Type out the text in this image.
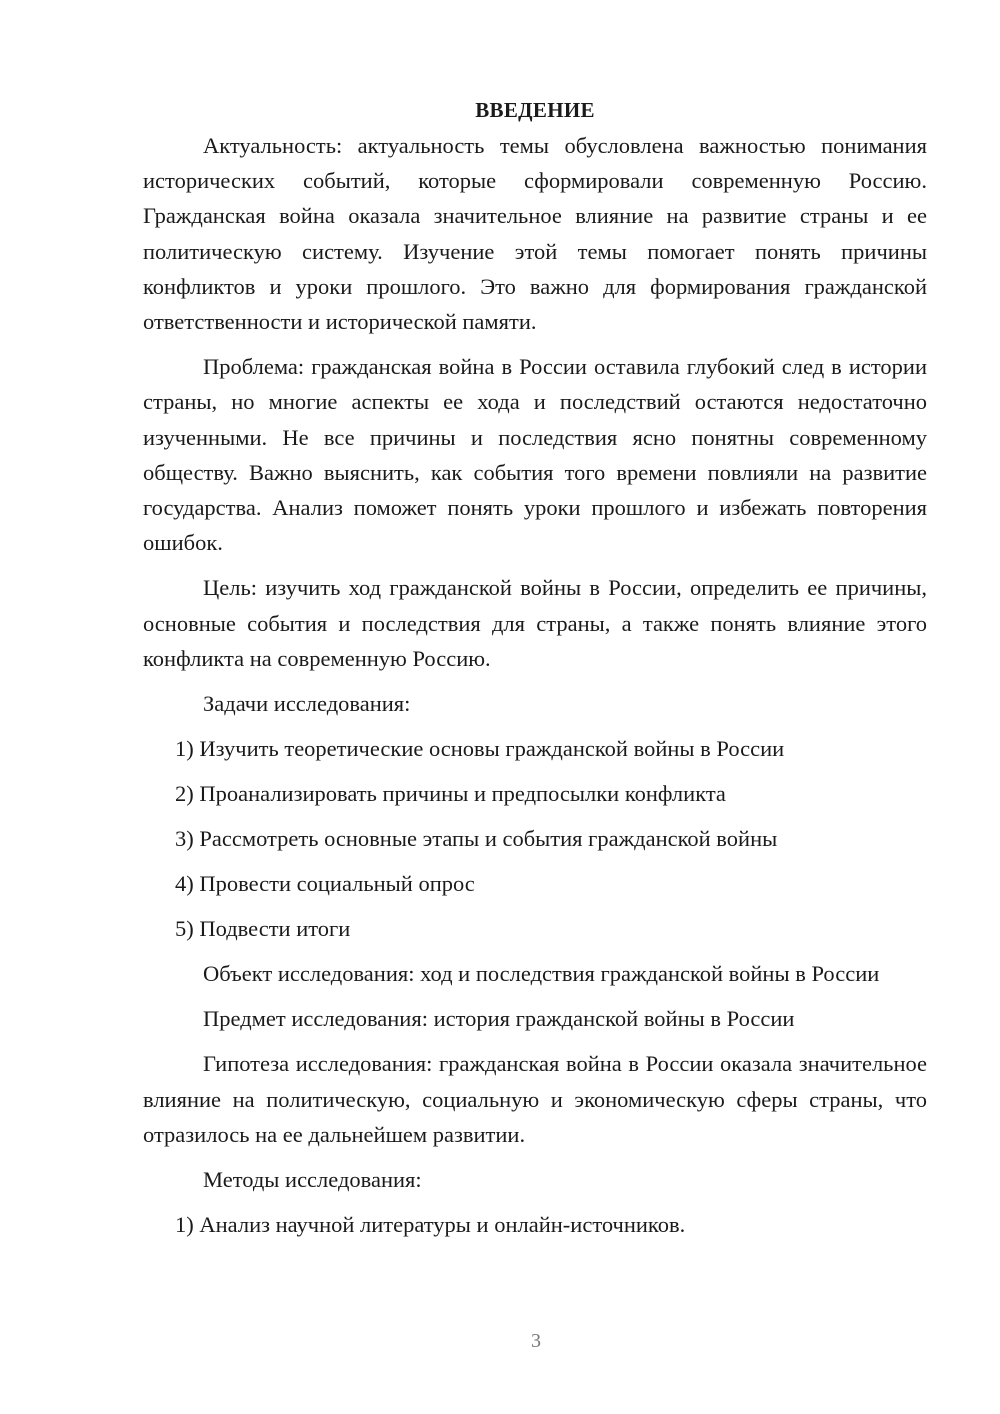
ВВЕДЕНИЕ

Актуальность: актуальность темы обусловлена важностью понимания исторических событий, которые сформировали современную Россию. Гражданская война оказала значительное влияние на развитие страны и ее политическую систему. Изучение этой темы помогает понять причины конфликтов и уроки прошлого. Это важно для формирования гражданской ответственности и исторической памяти.

Проблема: гражданская война в России оставила глубокий след в истории страны, но многие аспекты ее хода и последствий остаются недостаточно изученными. Не все причины и последствия ясно понятны современному обществу. Важно выяснить, как события того времени повлияли на развитие государства. Анализ поможет понять уроки прошлого и избежать повторения ошибок.

Цель: изучить ход гражданской войны в России, определить ее причины, основные события и последствия для страны, а также понять влияние этого конфликта на современную Россию.

Задачи исследования:
1) Изучить теоретические основы гражданской войны в России
2) Проанализировать причины и предпосылки конфликта
3) Рассмотреть основные этапы и события гражданской войны
4) Провести социальный опрос
5) Подвести итоги

Объект исследования: ход и последствия гражданской войны в России

Предмет исследования: история гражданской войны в России

Гипотеза исследования: гражданская война в России оказала значительное влияние на политическую, социальную и экономическую сферы страны, что отразилось на ее дальнейшем развитии.

Методы исследования:
1) Анализ научной литературы и онлайн-источников.
3
